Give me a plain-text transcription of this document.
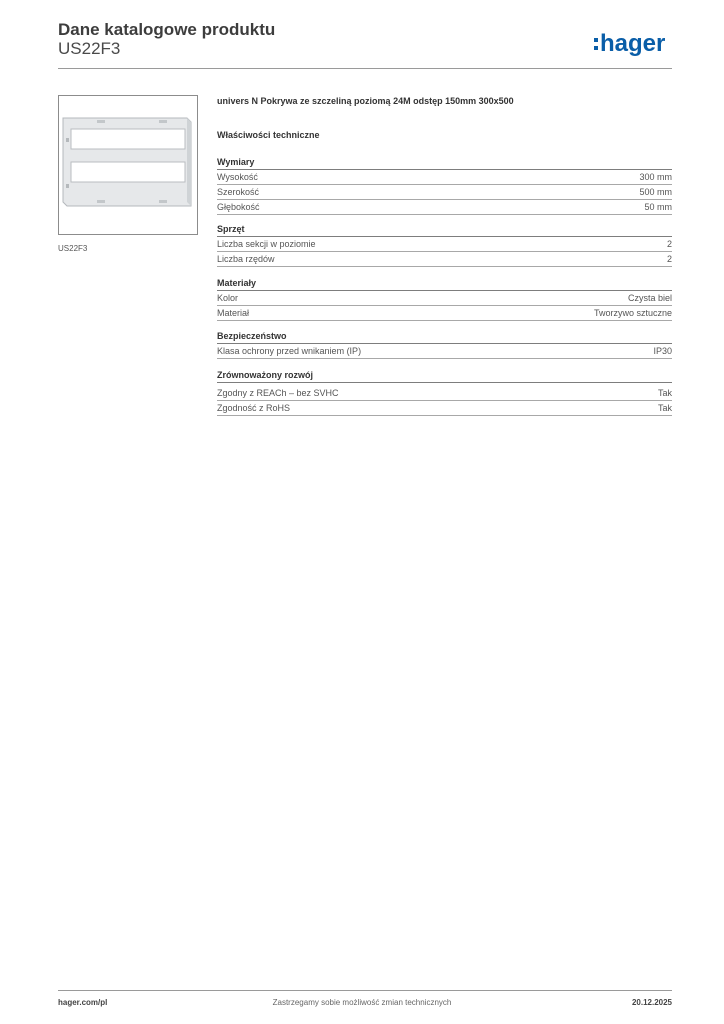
Dane katalogowe produktu
US22F3	hager
US22F3
univers N Pokrywa ze szczeliną poziomą 24M odstęp 150mm 300x500
Właściwości techniczne
Wymiary
Wysokość	300 mm
Szerokość	500 mm
Głębokość	50 mm
Sprzęt
Liczba sekcji w poziomie	2
Liczba rzędów	2
Materiały
Kolor	Czysta biel
Materiał	Tworzywo sztuczne
Bezpieczeństwo
Klasa ochrony przed wnikaniem (IP)	IP30
Zrównoważony rozwój
Zgodny z REACh – bez SVHC	Tak
Zgodność z RoHS	Tak
hager.com/pl	Zastrzegamy sobie możliwość zmian technicznych	20.12.2025
